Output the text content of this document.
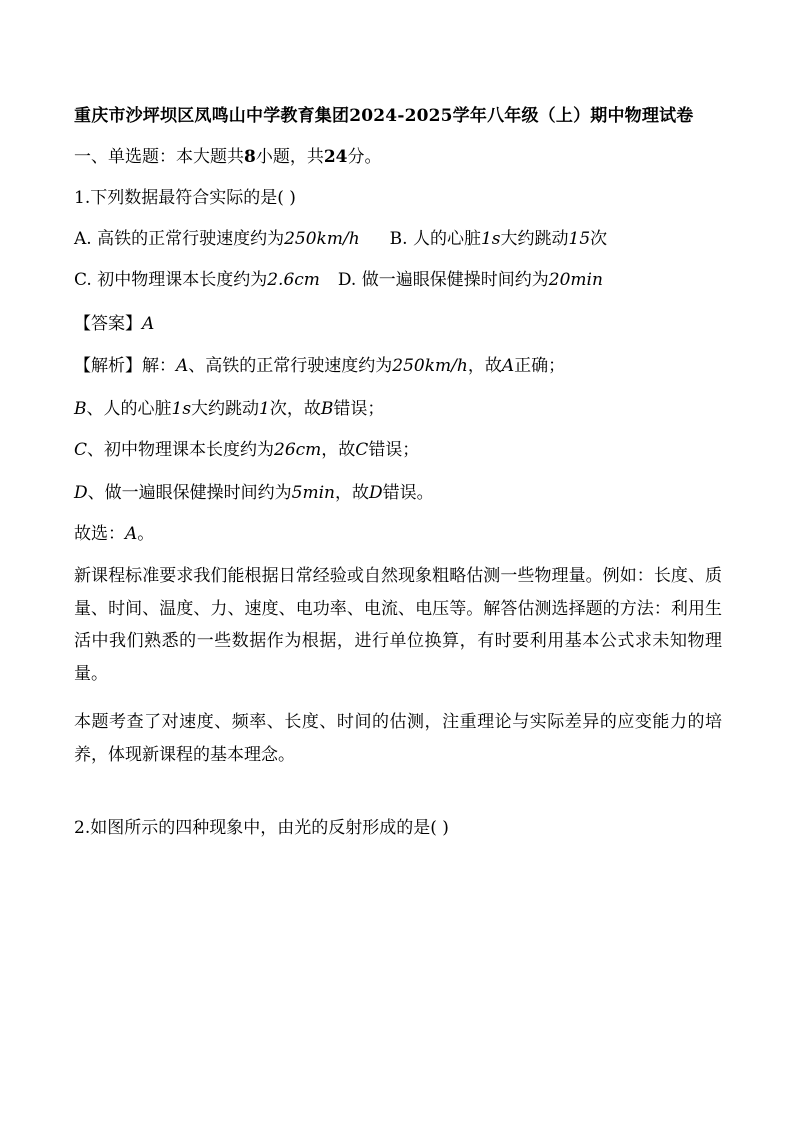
重庆市沙坪坝区凤鸣山中学教育集团2024-2025学年八年级（上）期中物理试卷
一、单选题：本大题共8小题，共24分。
1.下列数据最符合实际的是( )
A. 高铁的正常行驶速度约为250km/h B. 人的心脏1s大约跳动15次
C. 初中物理课本长度约为2.6cm D. 做一遍眼保健操时间约为20min
【答案】A
【解析】解：A、高铁的正常行驶速度约为250km/h，故A正确；
B、人的心脏1s大约跳动1次，故B错误；
C、初中物理课本长度约为26cm，故C错误；
D、做一遍眼保健操时间约为5min，故D错误。
故选：A。
新课程标准要求我们能根据日常经验或自然现象粗略估测一些物理量。例如：长度、质量、时间、温度、力、速度、电功率、电流、电压等。解答估测选择题的方法：利用生活中我们熟悉的一些数据作为根据，进行单位换算，有时要利用基本公式求未知物理量。
本题考查了对速度、频率、长度、时间的估测，注重理论与实际差异的应变能力的培养，体现新课程的基本理念。
2.如图所示的四种现象中，由光的反射形成的是( )
